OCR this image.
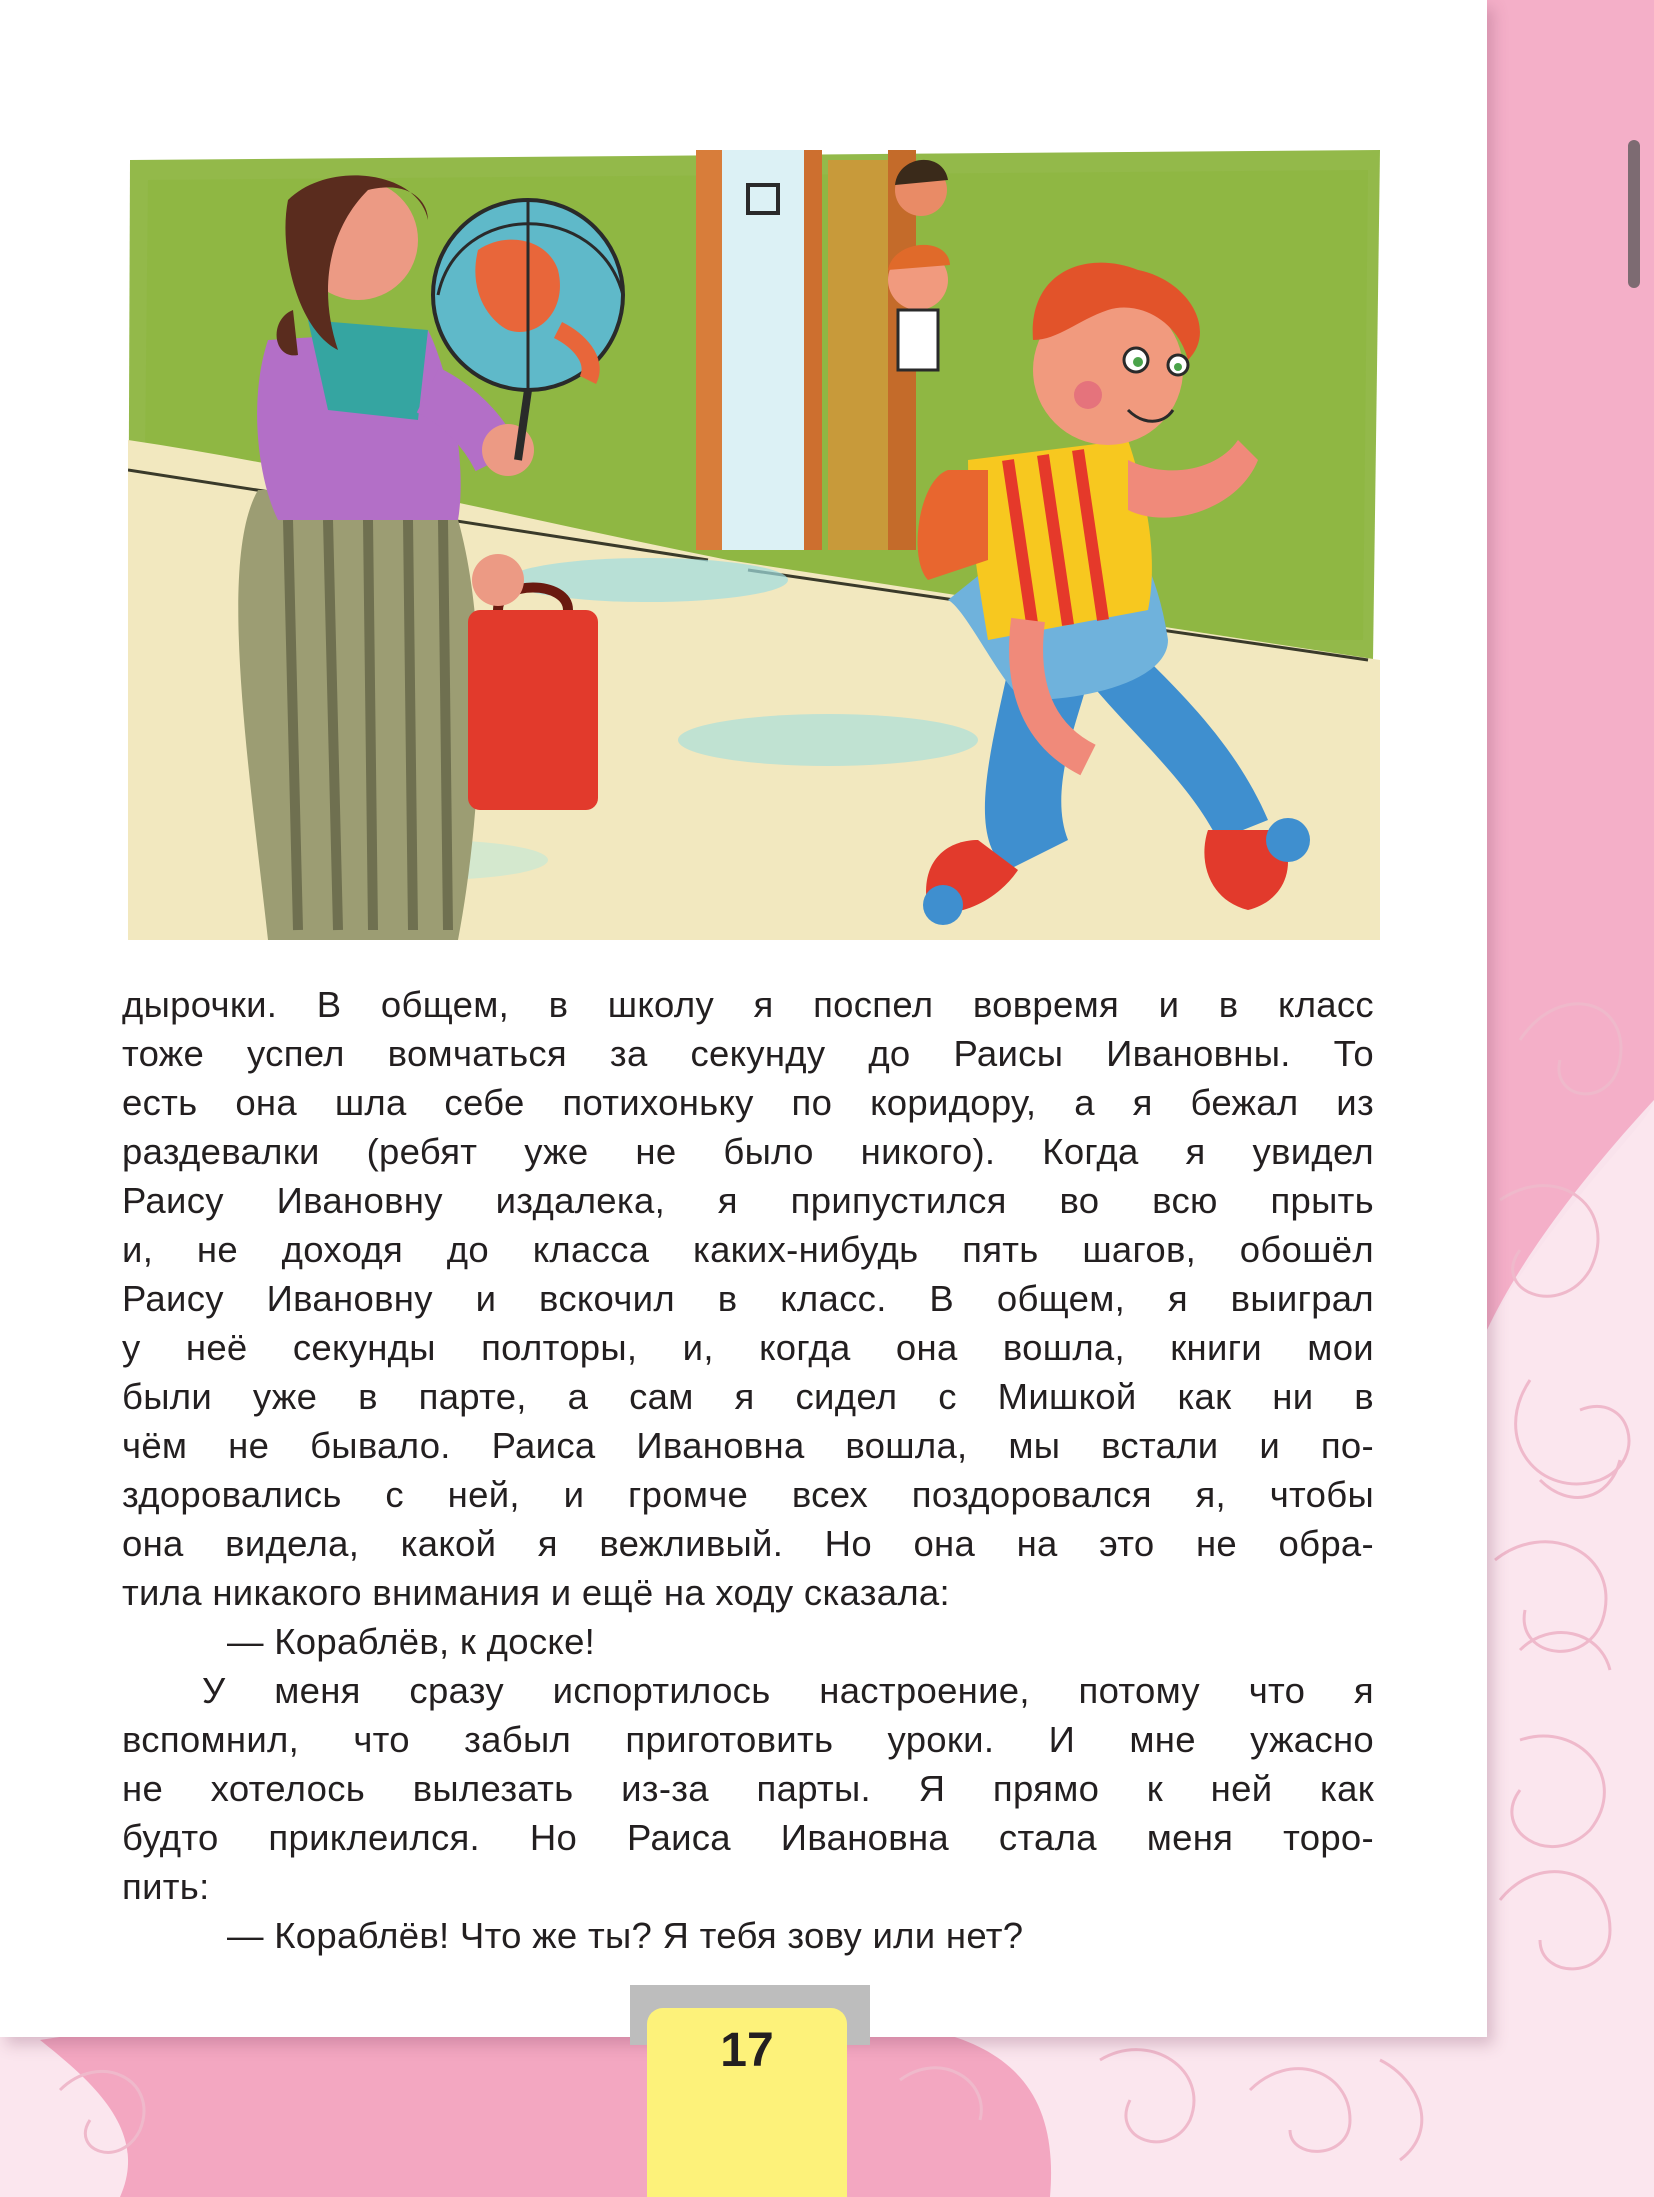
дырочки. В общем, в школу я поспел вовремя и в класс
тоже успел вомчаться за секунду до Раисы Ивановны. То
есть она шла себе потихоньку по коридору, а я бежал из
раздевалки (ребят уже не было никого). Когда я увидел
Раису Ивановну издалека, я припустился во всю прыть
и, не доходя до класса каких-нибудь пять шагов, обошёл
Раису Ивановну и вскочил в класс. В общем, я выиграл
у неё секунды полторы, и, когда она вошла, книги мои
были уже в парте, а сам я сидел с Мишкой как ни в
чём не бывало. Раиса Ивановна вошла, мы встали и по-
здоровались с ней, и громче всех поздоровался я, чтобы
она видела, какой я вежливый. Но она на это не обра-
тила никакого внимания и ещё на ходу сказала:
— Кораблёв, к доске!
У меня сразу испортилось настроение, потому что я
вспомнил, что забыл приготовить уроки. И мне ужасно
не хотелось вылезать из-за парты. Я прямо к ней как
будто приклеился. Но Раиса Ивановна стала меня торо-
пить:
— Кораблёв! Что же ты? Я тебя зову или нет?
17
